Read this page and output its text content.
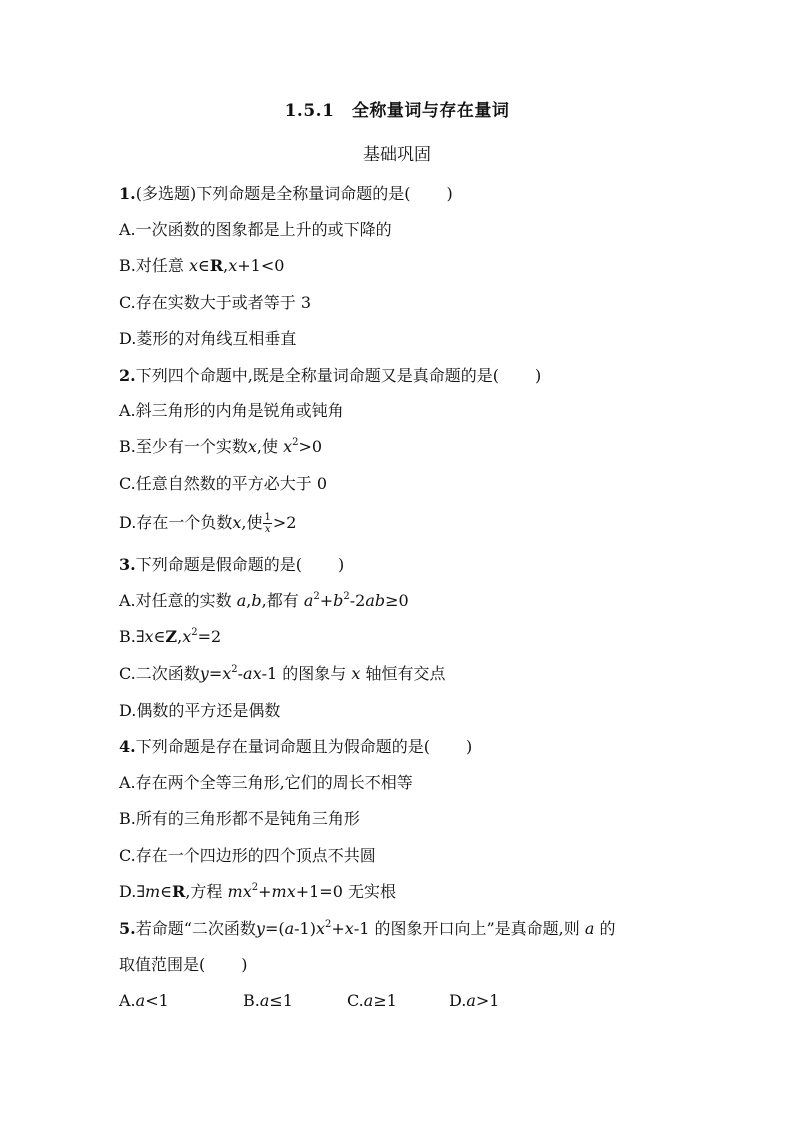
1.5.1　全称量词与存在量词
基础巩固
1.(多选题)下列命题是全称量词命题的是( )
A.一次函数的图象都是上升的或下降的
B.对任意 x∈R,x+1<0
C.存在实数大于或者等于 3
D.菱形的对角线互相垂直
2.下列四个命题中,既是全称量词命题又是真命题的是( )
A.斜三角形的内角是锐角或钝角
B.至少有一个实数x,使 $x^2>0$
C.任意自然数的平方必大于 0
D.存在一个负数x,使 $\frac{1}{x} >2$
3.下列命题是假命题的是( )
A.对任意的实数 a,b,都有 $a^2+b^2-2ab\ge 0$
$B.\exists x\in Z,x^2=2$
C.二次函数$y=x^2-ax-1$ 的图象与 x 轴恒有交点
D.偶数的平方还是偶数
4.下列命题是存在量词命题且为假命题的是( )
A.存在两个全等三角形,它们的周长不相等
B.所有的三角形都不是钝角三角形
C.存在一个四边形的四个顶点不共圆
D.∃m∈R,方程 $mx^2+mx+1=0$ 无实根
5.若命题“二次函数$y=(a-1)x^2+x-1$ 的图象开口向上”是真命题,则 a 的
取值范围是( )
A.a<1	B.a≤1	C.a≥1	D.a>1
